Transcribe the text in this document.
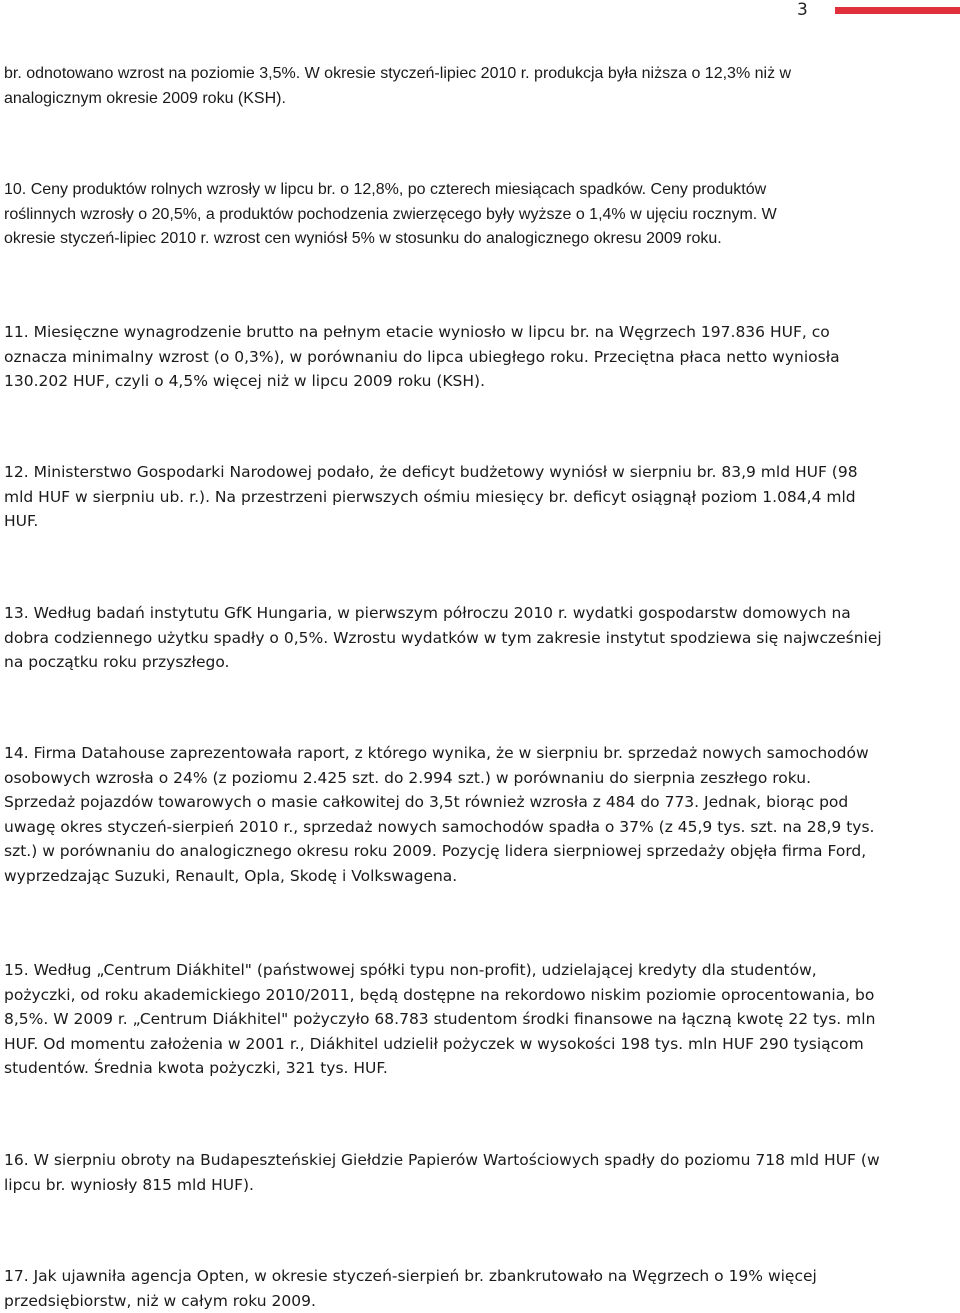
3
br. odnotowano wzrost na poziomie 3,5%. W okresie styczeń-lipiec 2010 r. produkcja była niższa o 12,3% niż w
analogicznym okresie 2009 roku (KSH).
10. Ceny produktów rolnych wzrosły w lipcu br. o 12,8%, po czterech miesiącach spadków. Ceny produktów
roślinnych wzrosły o 20,5%, a produktów pochodzenia zwierzęcego były wyższe o 1,4% w ujęciu rocznym. W
okresie styczeń-lipiec 2010 r. wzrost cen wyniósł 5% w stosunku do analogicznego okresu 2009 roku.
11. Miesięczne wynagrodzenie brutto na pełnym etacie wyniosło w lipcu br. na Węgrzech 197.836 HUF, co
oznacza minimalny wzrost (o 0,3%), w porównaniu do lipca ubiegłego roku. Przeciętna płaca netto wyniosła
130.202 HUF, czyli o 4,5% więcej niż w lipcu 2009 roku (KSH).
12. Ministerstwo Gospodarki Narodowej podało, że deficyt budżetowy wyniósł w sierpniu br. 83,9 mld HUF (98
mld HUF w sierpniu ub. r.). Na przestrzeni pierwszych ośmiu miesięcy br. deficyt osiągnął poziom 1.084,4 mld
HUF.
13. Według badań instytutu GfK Hungaria, w pierwszym półroczu 2010 r. wydatki gospodarstw domowych na
dobra codziennego użytku spadły o 0,5%. Wzrostu wydatków w tym zakresie instytut spodziewa się najwcześniej
na początku roku przyszłego.
14. Firma Datahouse zaprezentowała raport, z którego wynika, że w sierpniu br. sprzedaż nowych samochodów
osobowych wzrosła o 24% (z poziomu 2.425 szt. do 2.994 szt.) w porównaniu do sierpnia zeszłego roku.
Sprzedaż pojazdów towarowych o masie całkowitej do 3,5t również wzrosła z 484 do 773. Jednak, biorąc pod
uwagę okres styczeń-sierpień 2010 r., sprzedaż nowych samochodów spadła o 37% (z 45,9 tys. szt. na 28,9 tys.
szt.) w porównaniu do analogicznego okresu roku 2009. Pozycję lidera sierpniowej sprzedaży objęła firma Ford,
wyprzedzając Suzuki, Renault, Opla, Skodę i Volkswagena.
15. Według „Centrum Diákhitel" (państwowej spółki typu non-profit), udzielającej kredyty dla studentów,
pożyczki, od roku akademickiego 2010/2011, będą dostępne na rekordowo niskim poziomie oprocentowania, bo
8,5%. W 2009 r. „Centrum Diákhitel" pożyczyło 68.783 studentom środki finansowe na łączną kwotę 22 tys. mln
HUF. Od momentu założenia w 2001 r., Diákhitel udzielił pożyczek w wysokości 198 tys. mln HUF 290 tysiącom
studentów. Średnia kwota pożyczki, 321 tys. HUF.
16. W sierpniu obroty na Budapeszteńskiej Giełdzie Papierów Wartościowych spadły do poziomu 718 mld HUF (w
lipcu br. wyniosły 815 mld HUF).
17. Jak ujawniła agencja Opten, w okresie styczeń-sierpień br. zbankrutowało na Węgrzech o 19% więcej
przedsiębiorstw, niż w całym roku 2009.
